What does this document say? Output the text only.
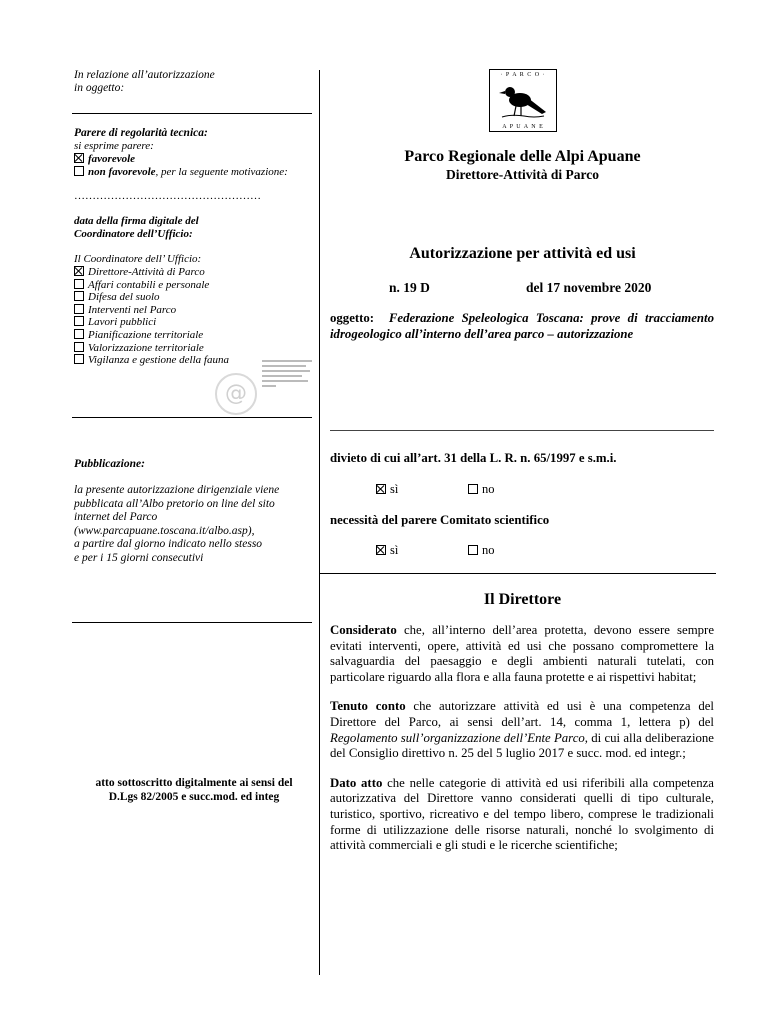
In relazione all’autorizzazione
in oggetto:
Parere di regolarità tecnica:
si esprime parere:
favorevole
non favorevole, per la seguente motivazione:
……………………………………………
data della firma digitale del
Coordinatore dell’Ufficio:
Il Coordinatore dell’ Ufficio:
Direttore-Attività di Parco
Affari contabili e personale
Difesa del suolo
Interventi nel Parco
Lavori pubblici
Pianificazione territoriale
Valorizzazione territoriale
Vigilanza e gestione della fauna
@
Pubblicazione:
la presente autorizzazione dirigenziale viene
pubblicata all’Albo pretorio on line del sito
internet del Parco
(www.parcapuane.toscana.it/albo.asp),
a partire dal giorno indicato nello stesso
e per i 15 giorni consecutivi
atto sottoscritto digitalmente ai sensi del
D.Lgs 82/2005 e succ.mod. ed integ
· P A R C O ·
A P U A N E
Parco Regionale delle Alpi Apuane
Direttore-Attività di Parco
Autorizzazione per attività ed usi
n. 19 D	del 17 novembre 2020
oggetto: Federazione Speleologica Toscana: prove di tracciamento idrogeologico all’interno dell’area parco – autorizzazione
divieto di cui all’art. 31 della L. R. n. 65/1997 e s.m.i.
sì	no
necessità del parere Comitato scientifico
sì	no
Il Direttore

Considerato che, all’interno dell’area protetta, devono essere sempre evitati interventi, opere, attività ed usi che possano compromettere la salvaguardia del paesaggio e degli ambienti naturali tutelati, con particolare riguardo alla flora e alla fauna protette e ai rispettivi habitat;

Tenuto conto che autorizzare attività ed usi è una competenza del Direttore del Parco, ai sensi dell’art. 14, comma 1, lettera p) del Regolamento sull’organizzazione dell’Ente Parco, di cui alla deliberazione del Consiglio direttivo n. 25 del 5 luglio 2017 e succ. mod. ed integr.;

Dato atto che nelle categorie di attività ed usi riferibili alla competenza autorizzativa del Direttore vanno considerati quelli di tipo culturale, turistico, sportivo, ricreativo e del tempo libero, comprese le tradizionali forme di utilizzazione delle risorse naturali, nonché lo svolgimento di attività commerciali e gli studi e le ricerche scientifiche;
